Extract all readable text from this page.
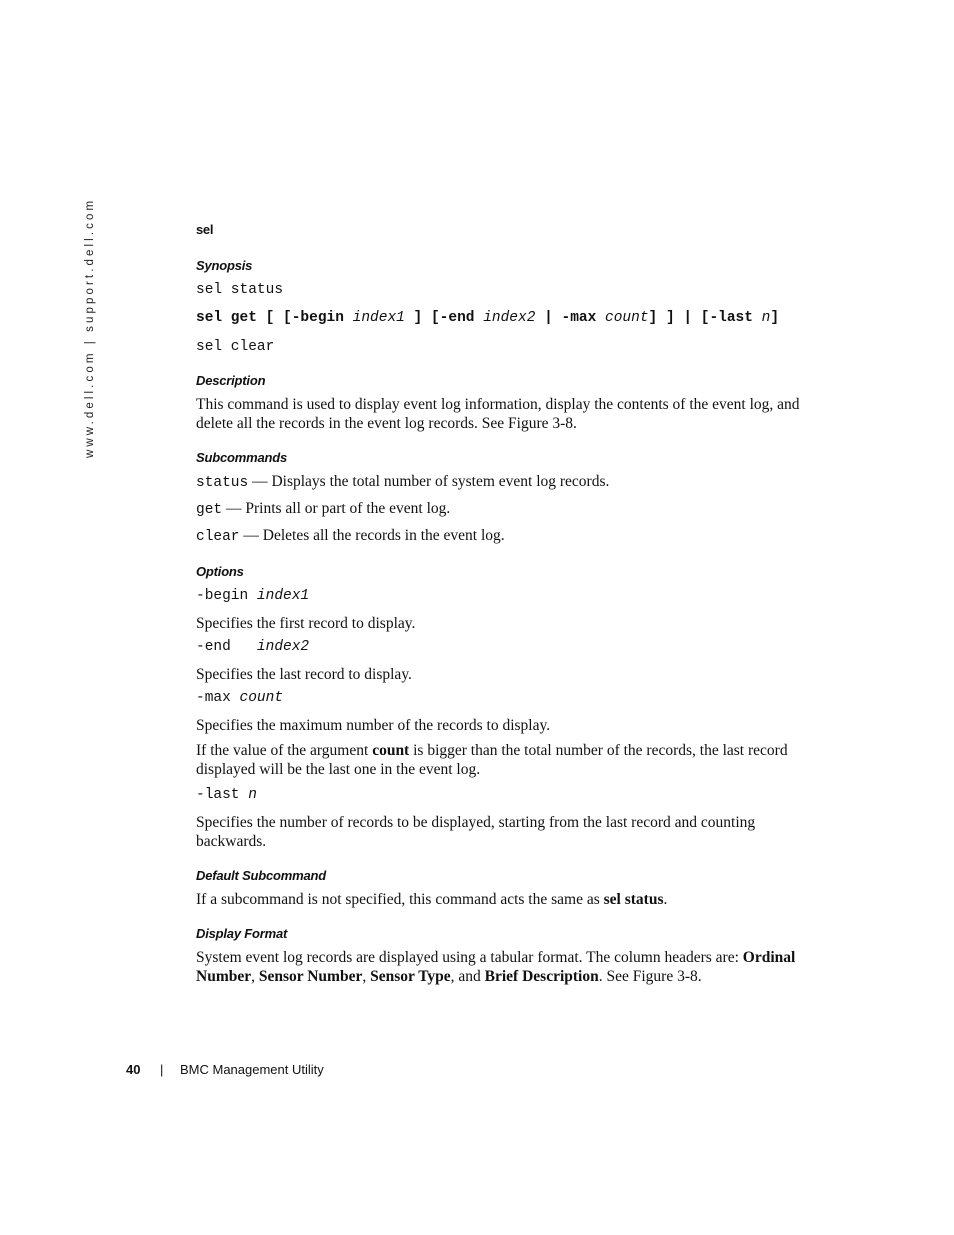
www.dell.com | support.dell.com	sel
Synopsis

sel status

sel get [ [-begin index1 ] [-end index2 | -max count] ] | [-last n]

sel clear

Description

This command is used to display event log information, display the contents of the event log, and delete all the records in the event log records. See Figure 3-8.

Subcommands

status — Displays the total number of system event log records.

get — Prints all or part of the event log.

clear — Deletes all the records in the event log.

Options

-begin index1

Specifies the first record to display.

-end   index2

Specifies the last record to display.

-max count

Specifies the maximum number of the records to display.

If the value of the argument count is bigger than the total number of the records, the last record displayed will be the last one in the event log.

-last n

Specifies the number of records to be displayed, starting from the last record and counting backwards.

Default Subcommand

If a subcommand is not specified, this command acts the same as sel status.

Display Format

System event log records are displayed using a tabular format. The column headers are: Ordinal Number, Sensor Number, Sensor Type, and Brief Description. See Figure 3-8.

40	|	BMC Management Utility
